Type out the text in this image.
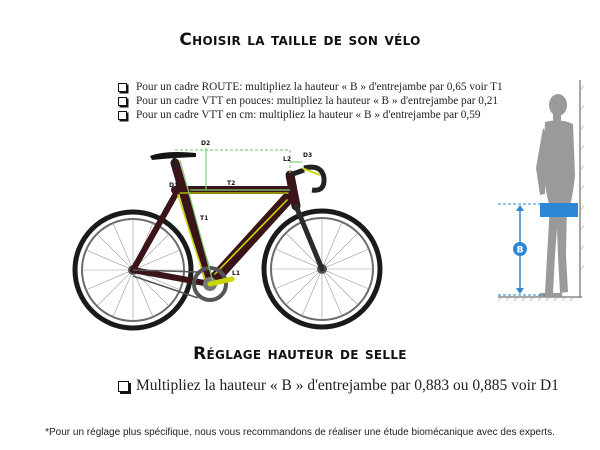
Choisir la taille de son vélo
Pour un cadre ROUTE: multipliez la hauteur « B » d'entrejambe par 0,65 voir T1
Pour un cadre VTT en pouces: multipliez la hauteur « B » d'entrejambe par 0,21
Pour un cadre VTT en cm: multipliez la hauteur « B » d'entrejambe par 0,59
D2
D3
L2
D1	T2
T1
L1
B
Réglage hauteur de selle
Multipliez la hauteur « B » d'entrejambe par 0,883 ou 0,885 voir D1
*Pour un réglage plus spécifique, nous vous recommandons de réaliser une étude biomécanique avec des experts.
